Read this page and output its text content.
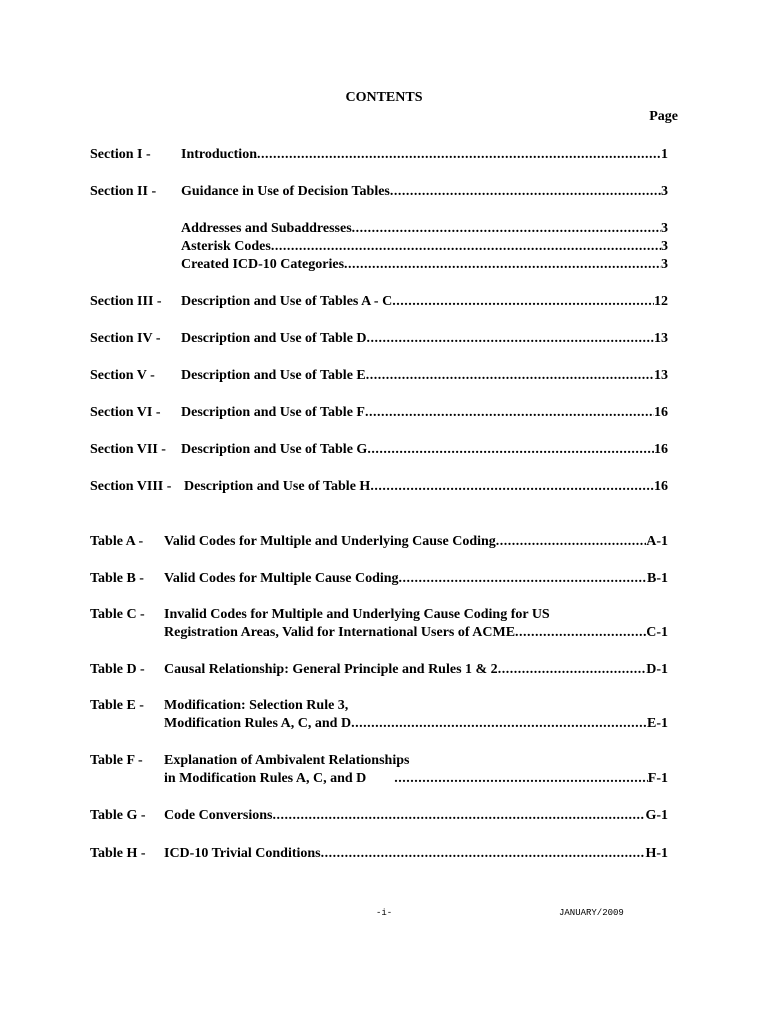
CONTENTS
Page
Section I - Introduction .....	1
Section II - Guidance in Use of Decision Tables .....	3
Addresses and Subaddresses .....	3
Asterisk Codes .....	3
Created ICD-10 Categories .....	3
Section III - Description and Use of Tables A - C .....	12
Section IV - Description and Use of Table D .....	13
Section V - Description and Use of Table E .....	13
Section VI - Description and Use of Table F .....	16
Section VII - Description and Use of Table G .....	16
Section VIII - Description and Use of Table H .....	16
Table A - Valid Codes for Multiple and Underlying Cause Coding .....	A-1
Table B - Valid Codes for Multiple Cause Coding .....	B-1
Table C - Invalid Codes for Multiple and Underlying Cause Coding for US
Registration Areas, Valid for International Users of ACME .....	C-1
Table D - Causal Relationship: General Principle and Rules 1 & 2 .....	D-1
Table E - Modification: Selection Rule 3,
Modification Rules A, C, and D .....	E-1
Table F - Explanation of Ambivalent Relationships
in Modification Rules A, C, and D .....	F-1
Table G - Code Conversions .....	G-1
Table H - ICD-10 Trivial Conditions .....	H-1
-i-	JANUARY/2009
